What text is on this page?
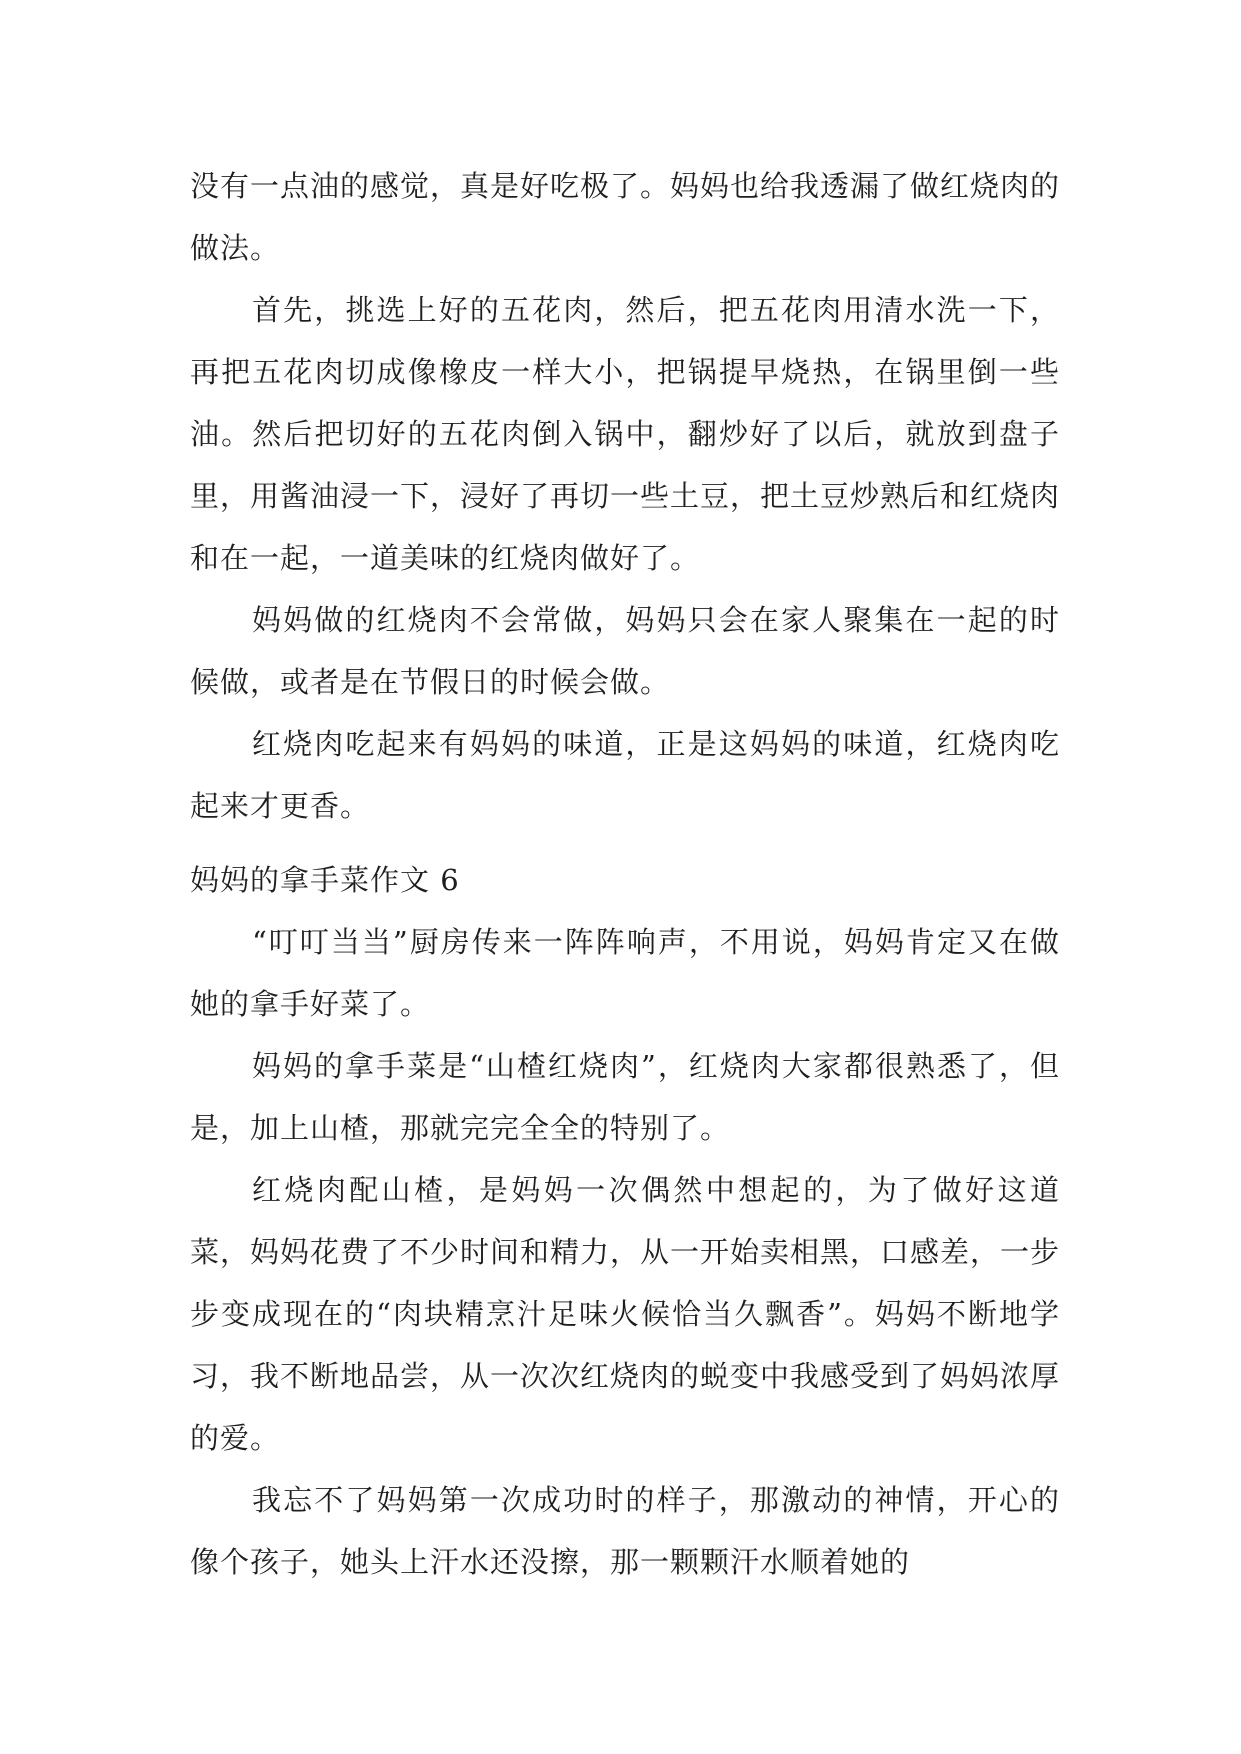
没有一点油的感觉，真是好吃极了。妈妈也给我透漏了做红烧肉的做法。

首先，挑选上好的五花肉，然后，把五花肉用清水洗一下，再把五花肉切成像橡皮一样大小，把锅提早烧热，在锅里倒一些油。然后把切好的五花肉倒入锅中，翻炒好了以后，就放到盘子里，用酱油浸一下，浸好了再切一些土豆，把土豆炒熟后和红烧肉和在一起，一道美味的红烧肉做好了。

妈妈做的红烧肉不会常做，妈妈只会在家人聚集在一起的时候做，或者是在节假日的时候会做。

红烧肉吃起来有妈妈的味道，正是这妈妈的味道，红烧肉吃起来才更香。

妈妈的拿手菜作文 6

“叮叮当当”厨房传来一阵阵响声，不用说，妈妈肯定又在做她的拿手好菜了。

妈妈的拿手菜是“山楂红烧肉”，红烧肉大家都很熟悉了，但是，加上山楂，那就完完全全的特别了。

红烧肉配山楂，是妈妈一次偶然中想起的，为了做好这道菜，妈妈花费了不少时间和精力，从一开始卖相黑，口感差，一步步变成现在的“肉块精烹汁足味火候恰当久飘香”。妈妈不断地学习，我不断地品尝，从一次次红烧肉的蜕变中我感受到了妈妈浓厚的爱。

我忘不了妈妈第一次成功时的样子，那激动的神情，开心的像个孩子，她头上汗水还没擦，那一颗颗汗水顺着她的
